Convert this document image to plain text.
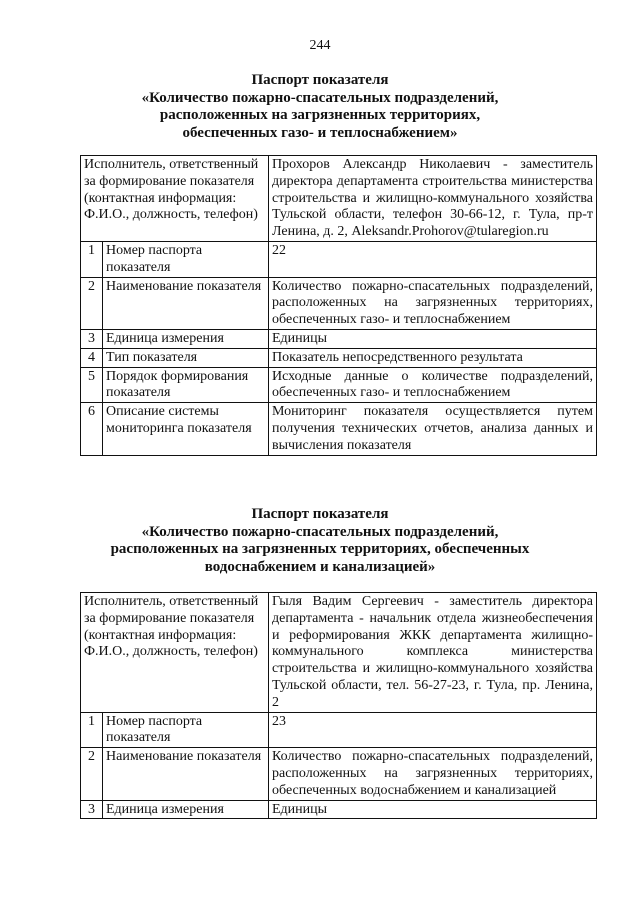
244
Паспорт показателя
«Количество пожарно-спасательных подразделений,
расположенных на загрязненных территориях,
обеспеченных газо- и теплоснабжением»
Исполнитель, ответственный за формирование показателя (контактная информация: Ф.И.О., должность, телефон)		Прохоров Александр Николаевич - заместитель директора департамента строительства министерства строительства и жилищно-коммунального хозяйства Тульской области, телефон 30-66-12, г. Тула, пр-т Ленина, д. 2, Aleksandr.Prohorov@tularegion.ru
1	Номер паспорта показателя	22
2	Наименование показателя	Количество пожарно-спасательных подразделений, расположенных на загрязненных территориях, обеспеченных газо- и теплоснабжением
3	Единица измерения	Единицы
4	Тип показателя	Показатель непосредственного результата
5	Порядок формирования показателя	Исходные данные о количестве подразделений, обеспеченных газо- и теплоснабжением
6	Описание системы мониторинга показателя	Мониторинг показателя осуществляется путем получения технических отчетов, анализа данных и вычисления показателя
Паспорт показателя
«Количество пожарно-спасательных подразделений,
расположенных на загрязненных территориях, обеспеченных
водоснабжением и канализацией»
Исполнитель, ответственный за формирование показателя (контактная информация: Ф.И.О., должность, телефон)		Гыля Вадим Сергеевич - заместитель директора департамента - начальник отдела жизнеобеспечения и реформирования ЖКК департамента жилищно-коммунального комплекса министерства строительства и жилищно-коммунального хозяйства Тульской области, тел. 56-27-23, г. Тула, пр. Ленина, 2
1	Номер паспорта показателя	23
2	Наименование показателя	Количество пожарно-спасательных подразделений, расположенных на загрязненных территориях, обеспеченных водоснабжением и канализацией
3	Единица измерения	Единицы
